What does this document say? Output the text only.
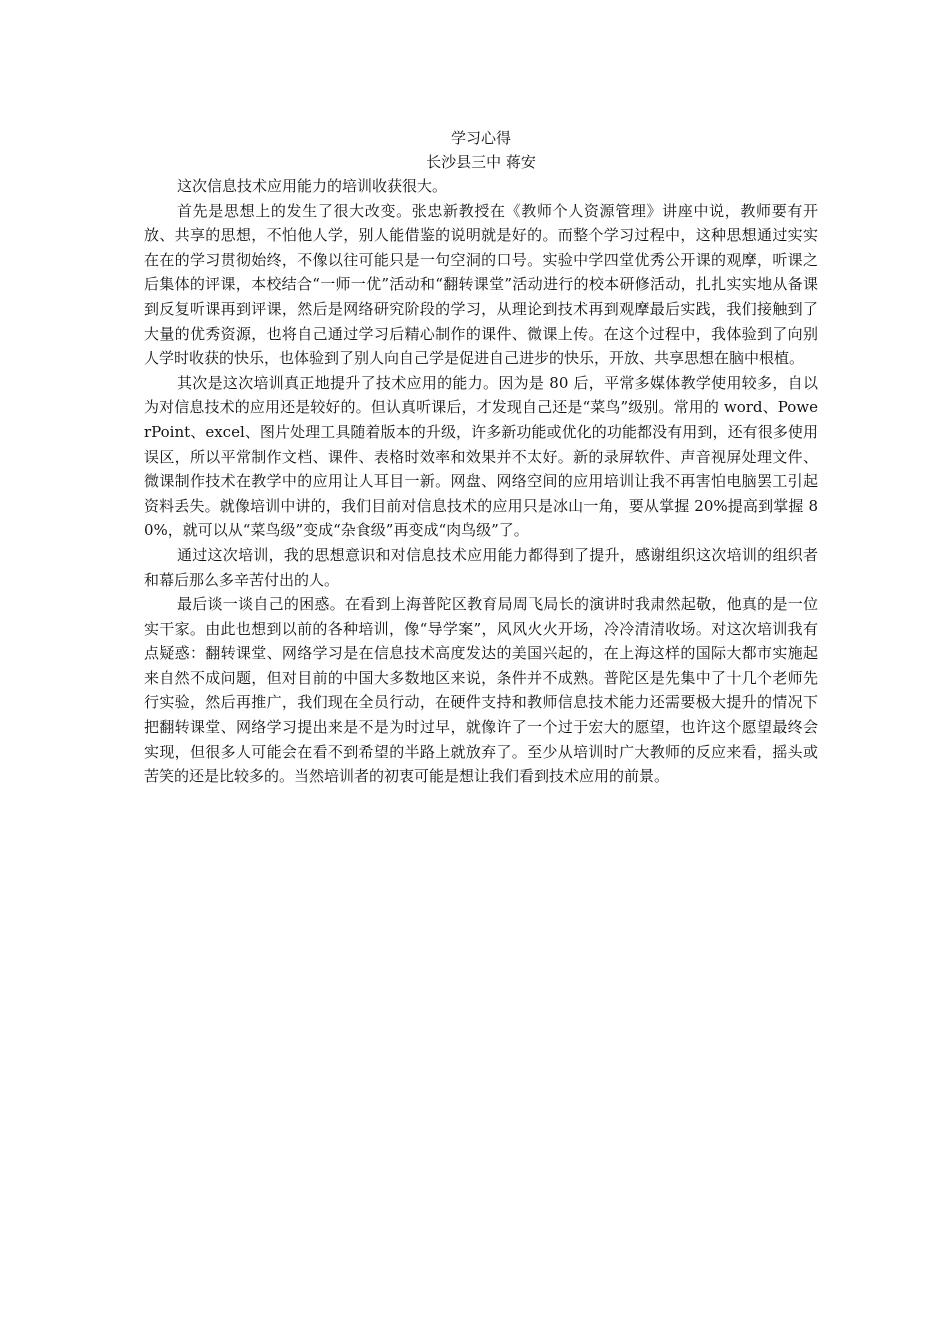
学习心得

长沙县三中 蒋安

这次信息技术应用能力的培训收获很大。

首先是思想上的发生了很大改变。张忠新教授在《教师个人资源管理》讲座中说，教师要有开放、共享的思想，不怕他人学，别人能借鉴的说明就是好的。而整个学习过程中，这种思想通过实实在在的学习贯彻始终，不像以往可能只是一句空洞的口号。实验中学四堂优秀公开课的观摩，听课之后集体的评课，本校结合“一师一优”活动和“翻转课堂”活动进行的校本研修活动，扎扎实实地从备课到反复听课再到评课，然后是网络研究阶段的学习，从理论到技术再到观摩最后实践，我们接触到了大量的优秀资源，也将自己通过学习后精心制作的课件、微课上传。在这个过程中，我体验到了向别人学时收获的快乐，也体验到了别人向自己学是促进自己进步的快乐，开放、共享思想在脑中根植。

其次是这次培训真正地提升了技术应用的能力。因为是 80 后，平常多媒体教学使用较多，自以为对信息技术的应用还是较好的。但认真听课后，才发现自己还是“菜鸟”级别。常用的 word、PowerPoint、excel、图片处理工具随着版本的升级，许多新功能或优化的功能都没有用到，还有很多使用误区，所以平常制作文档、课件、表格时效率和效果并不太好。新的录屏软件、声音视屏处理文件、微课制作技术在教学中的应用让人耳目一新。网盘、网络空间的应用培训让我不再害怕电脑罢工引起资料丢失。就像培训中讲的，我们目前对信息技术的应用只是冰山一角，要从掌握 20%提高到掌握 80%，就可以从“菜鸟级”变成“杂食级”再变成“肉鸟级”了。

通过这次培训，我的思想意识和对信息技术应用能力都得到了提升，感谢组织这次培训的组织者和幕后那么多辛苦付出的人。

最后谈一谈自己的困惑。在看到上海普陀区教育局周飞局长的演讲时我肃然起敬，他真的是一位实干家。由此也想到以前的各种培训，像“导学案”，风风火火开场，冷冷清清收场。对这次培训我有点疑惑：翻转课堂、网络学习是在信息技术高度发达的美国兴起的，在上海这样的国际大都市实施起来自然不成问题，但对目前的中国大多数地区来说，条件并不成熟。普陀区是先集中了十几个老师先行实验，然后再推广，我们现在全员行动，在硬件支持和教师信息技术能力还需要极大提升的情况下把翻转课堂、网络学习提出来是不是为时过早，就像许了一个过于宏大的愿望，也许这个愿望最终会实现，但很多人可能会在看不到希望的半路上就放弃了。至少从培训时广大教师的反应来看，摇头或苦笑的还是比较多的。当然培训者的初衷可能是想让我们看到技术应用的前景。
